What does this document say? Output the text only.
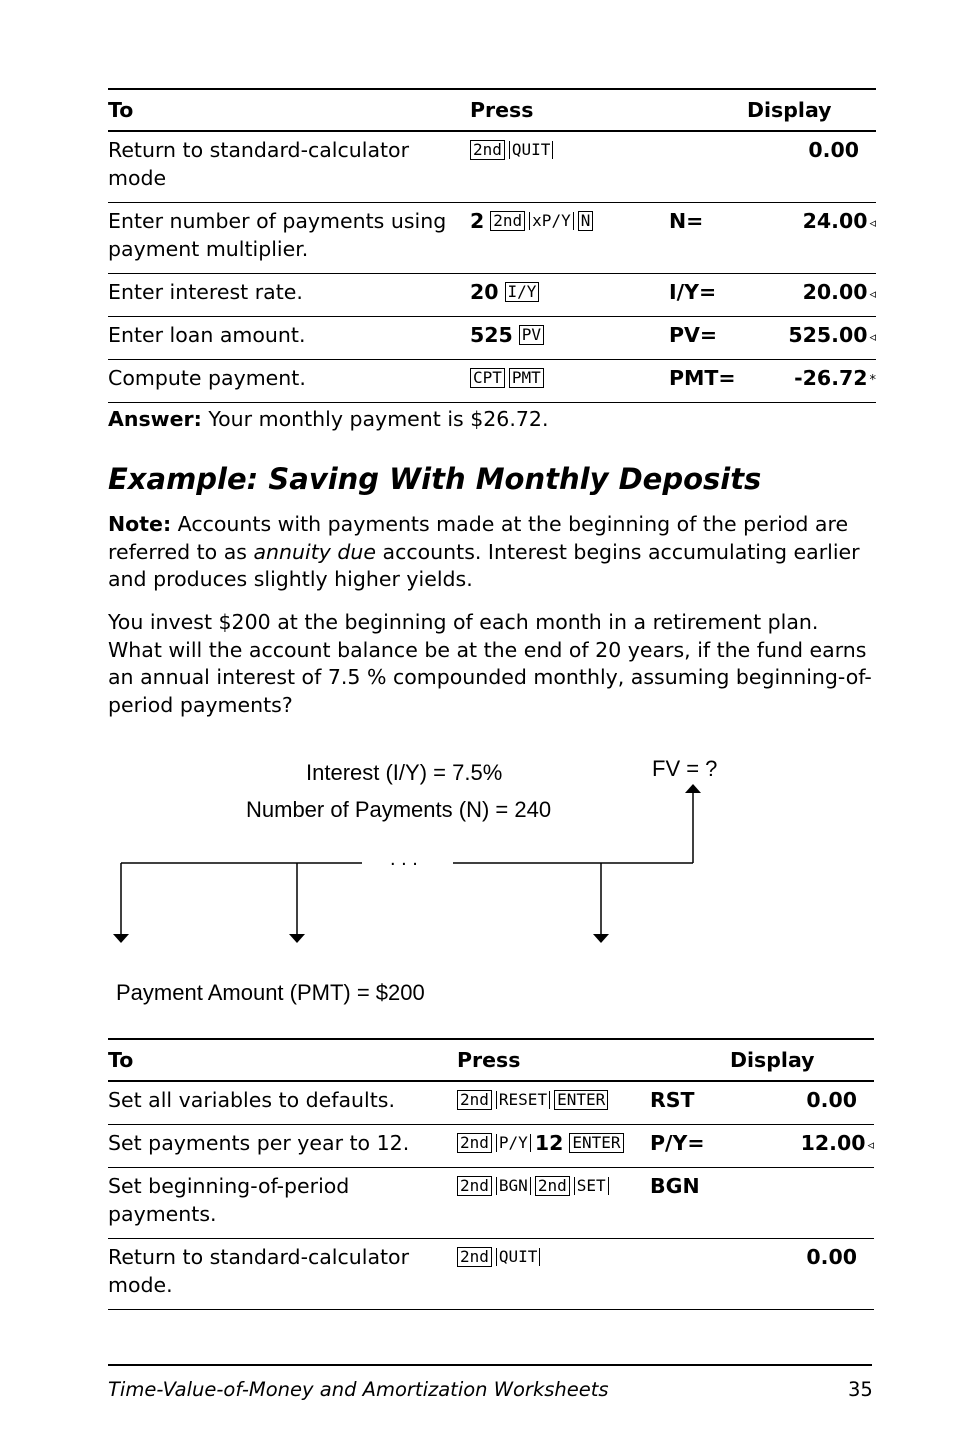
To	Press	Display	
Return to standard-calculator mode	2nd QUIT		0.00
Enter number of payments using payment multiplier.	2 2nd xP/Y N	N=	24.00 ◃
Enter interest rate.	20 I/Y	I/Y=	20.00 ◃
Enter loan amount.	525 PV	PV=	525.00 ◃
Compute payment.	CPT PMT	PMT=	-26.72 *
Answer: Your monthly payment is $26.72.
Example: Saving With Monthly Deposits
Note: Accounts with payments made at the beginning of the period are referred to as annuity due accounts. Interest begins accumulating earlier and produces slightly higher yields.
You invest $200 at the beginning of each month in a retirement plan. What will the account balance be at the end of 20 years, if the fund earns an annual interest of 7.5 % compounded monthly, assuming beginning-of-period payments?
Interest (I/Y) = 7.5%
Number of Payments (N) = 240
FV = ?
. . .
Payment Amount (PMT) = $200
To	Press	Display	
Set all variables to defaults.	2nd RESET ENTER	RST	0.00
Set payments per year to 12.	2nd P/Y 12 ENTER	P/Y=	12.00 ◃
Set beginning-of-period payments.	2nd BGN 2nd SET	BGN	
Return to standard-calculator mode.	2nd QUIT		0.00
Time-Value-of-Money and Amortization Worksheets	35
